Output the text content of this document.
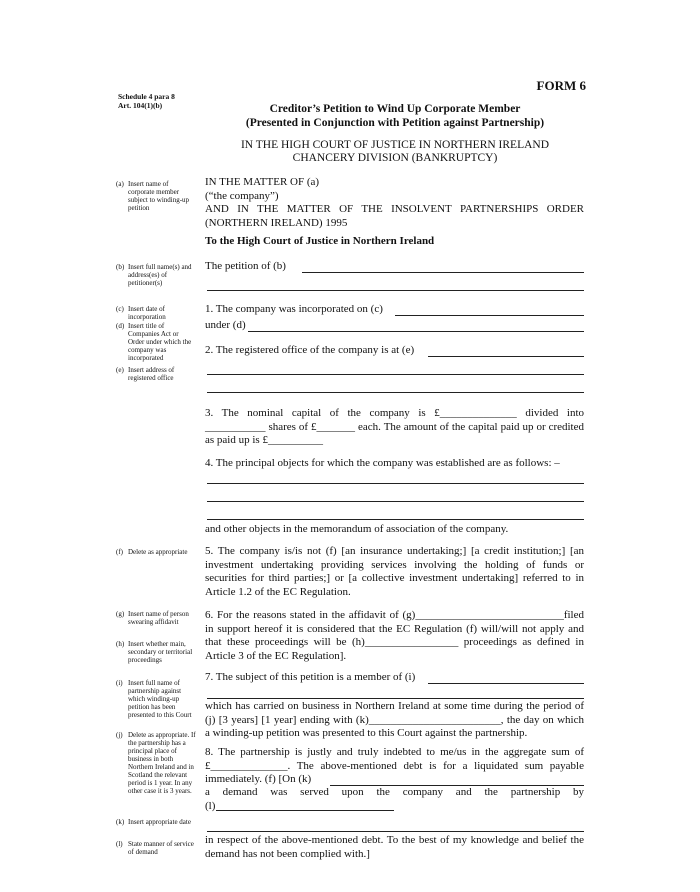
FORM 6
Schedule 4 para 8
Art. 104(1)(b)	Creditor’s Petition to Wind Up Corporate Member
(Presented in Conjunction with Petition against Partnership)
IN THE HIGH COURT OF JUSTICE IN NORTHERN IRELAND
CHANCERY DIVISION (BANKRUPTCY)
(a) Insert name of corporate member subject to winding-up petition
(b) Insert full name(s) and address(es) of petitioner(s)
(c) Insert date of incorporation
(d) Insert title of Companies Act or Order under which the company was incorporated
(e) Insert address of registered office
(f) Delete as appropriate
(g) Insert name of person swearing affidavit
(h) Insert whether main, secondary or territorial proceedings
(i) Insert full name of partnership against which winding-up petition has been presented to this Court
(j) Delete as appropriate. If the partnership has a principal place of business in both Northern Ireland and in Scotland the relevant period is 1 year. In any other case it is 3 years.
(k) Insert appropriate date
(l) State manner of service of demand
IN THE MATTER OF (a)
(“the company”)
AND IN THE MATTER OF THE INSOLVENT PARTNERSHIPS ORDER (NORTHERN IRELAND) 1995
To the High Court of Justice in Northern Ireland
The petition of (b)
1. The company was incorporated on (c)
under (d)
2. The registered office of the company is at (e)
3. The nominal capital of the company is £______________ divided into ___________ shares of £_______ each. The amount of the capital paid up or credited as paid up is £__________
4. The principal objects for which the company was established are as follows: –
and other objects in the memorandum of association of the company.
5. The company is/is not (f) [an insurance undertaking;] [a credit institution;] [an investment undertaking providing services involving the holding of funds or securities for third parties;] or [a collective investment undertaking] referred to in Article 1.2 of the EC Regulation.
6. For the reasons stated in the affidavit of (g)___________________________filed in support hereof it is considered that the EC Regulation (f) will/will not apply and that these proceedings will be (h)_________________ proceedings as defined in Article 3 of the EC Regulation].
7. The subject of this petition is a member of (i)
which has carried on business in Northern Ireland at some time during the period of (j) [3 years] [1 year] ending with (k)________________________, the day on which a winding-up petition was presented to this Court against the partnership.
8. The partnership is justly and truly indebted to me/us in the aggregate sum of £______________. The above-mentioned debt is for a liquidated sum payable immediately. (f) [On (k)
a demand was served upon the company and the partnership by
(l)
in respect of the above-mentioned debt. To the best of my knowledge and belief the demand has not been complied with.]
